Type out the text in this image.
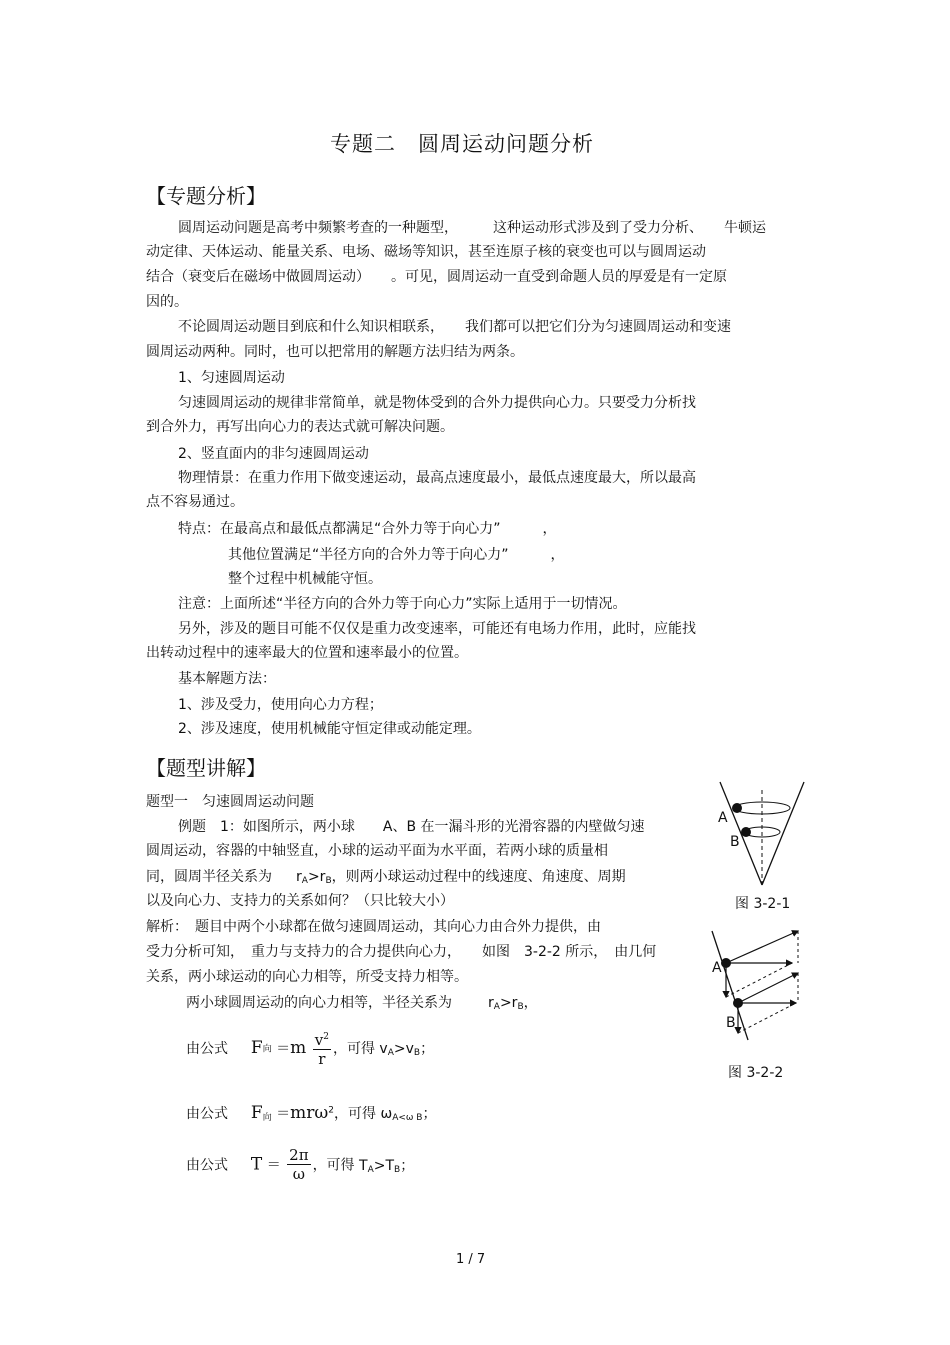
专题二　圆周运动问题分析
【专题分析】
圆周运动问题是高考中频繁考查的一种题型，　　　这种运动形式涉及到了受力分析、　　牛顿运
动定律、天体运动、能量关系、电场、磁场等知识，甚至连原子核的衰变也可以与圆周运动
结合（衰变后在磁场中做圆周运动）　　。可见，圆周运动一直受到命题人员的厚爱是有一定原
因的。
不论圆周运动题目到底和什么知识相联系，　　我们都可以把它们分为匀速圆周运动和变速
圆周运动两种。同时，也可以把常用的解题方法归结为两条。
1、匀速圆周运动
匀速圆周运动的规律非常简单，就是物体受到的合外力提供向心力。只要受力分析找
到合外力，再写出向心力的表达式就可解决问题。
2、竖直面内的非匀速圆周运动
物理情景：在重力作用下做变速运动，最高点速度最小，最低点速度最大，所以最高
点不容易通过。
特点：在最高点和最低点都满足“合外力等于向心力”　　　，
其他位置满足“半径方向的合外力等于向心力”　　　，
整个过程中机械能守恒。
注意：上面所述“半径方向的合外力等于向心力”实际上适用于一切情况。
另外，涉及的题目可能不仅仅是重力改变速率，可能还有电场力作用，此时，应能找
出转动过程中的速率最大的位置和速率最小的位置。
基本解题方法：
1、涉及受力，使用向心力方程；
2、涉及速度，使用机械能守恒定律或动能定理。
【题型讲解】
题型一　匀速圆周运动问题
例题　1：如图所示，两小球　　A、B 在一漏斗形的光滑容器的内壁做匀速
圆周运动，容器的中轴竖直，小球的运动平面为水平面，若两小球的质量相
同，圆周半径关系为 $r_A>r_B$，则两小球运动过程中的线速度、角速度、周期
以及向心力、支持力的关系如何？（只比较大小）
解析：　题目中两个小球都在做匀速圆周运动，其向心力由合外力提供，由
受力分析可知，　重力与支持力的合力提供向心力，　　如图　3-2-2 所示，　由几何
关系，两小球运动的向心力相等，所受支持力相等。
两小球圆周运动的向心力相等，半径关系为	$r_A>r_B$，
由公式 F向 $=m \frac{v^2}{r}$ ，可得 $v_A>v_B$；
由公式 $F_向 =mr\omega^2$，可得 $\omega_{A<\omega B}$；
由公式 $T = \frac{2\pi}{\omega}$ ，可得 $T_A>T_B$；
A
B
图 3-2-1
A
B
图 3-2-2
1 / 7
